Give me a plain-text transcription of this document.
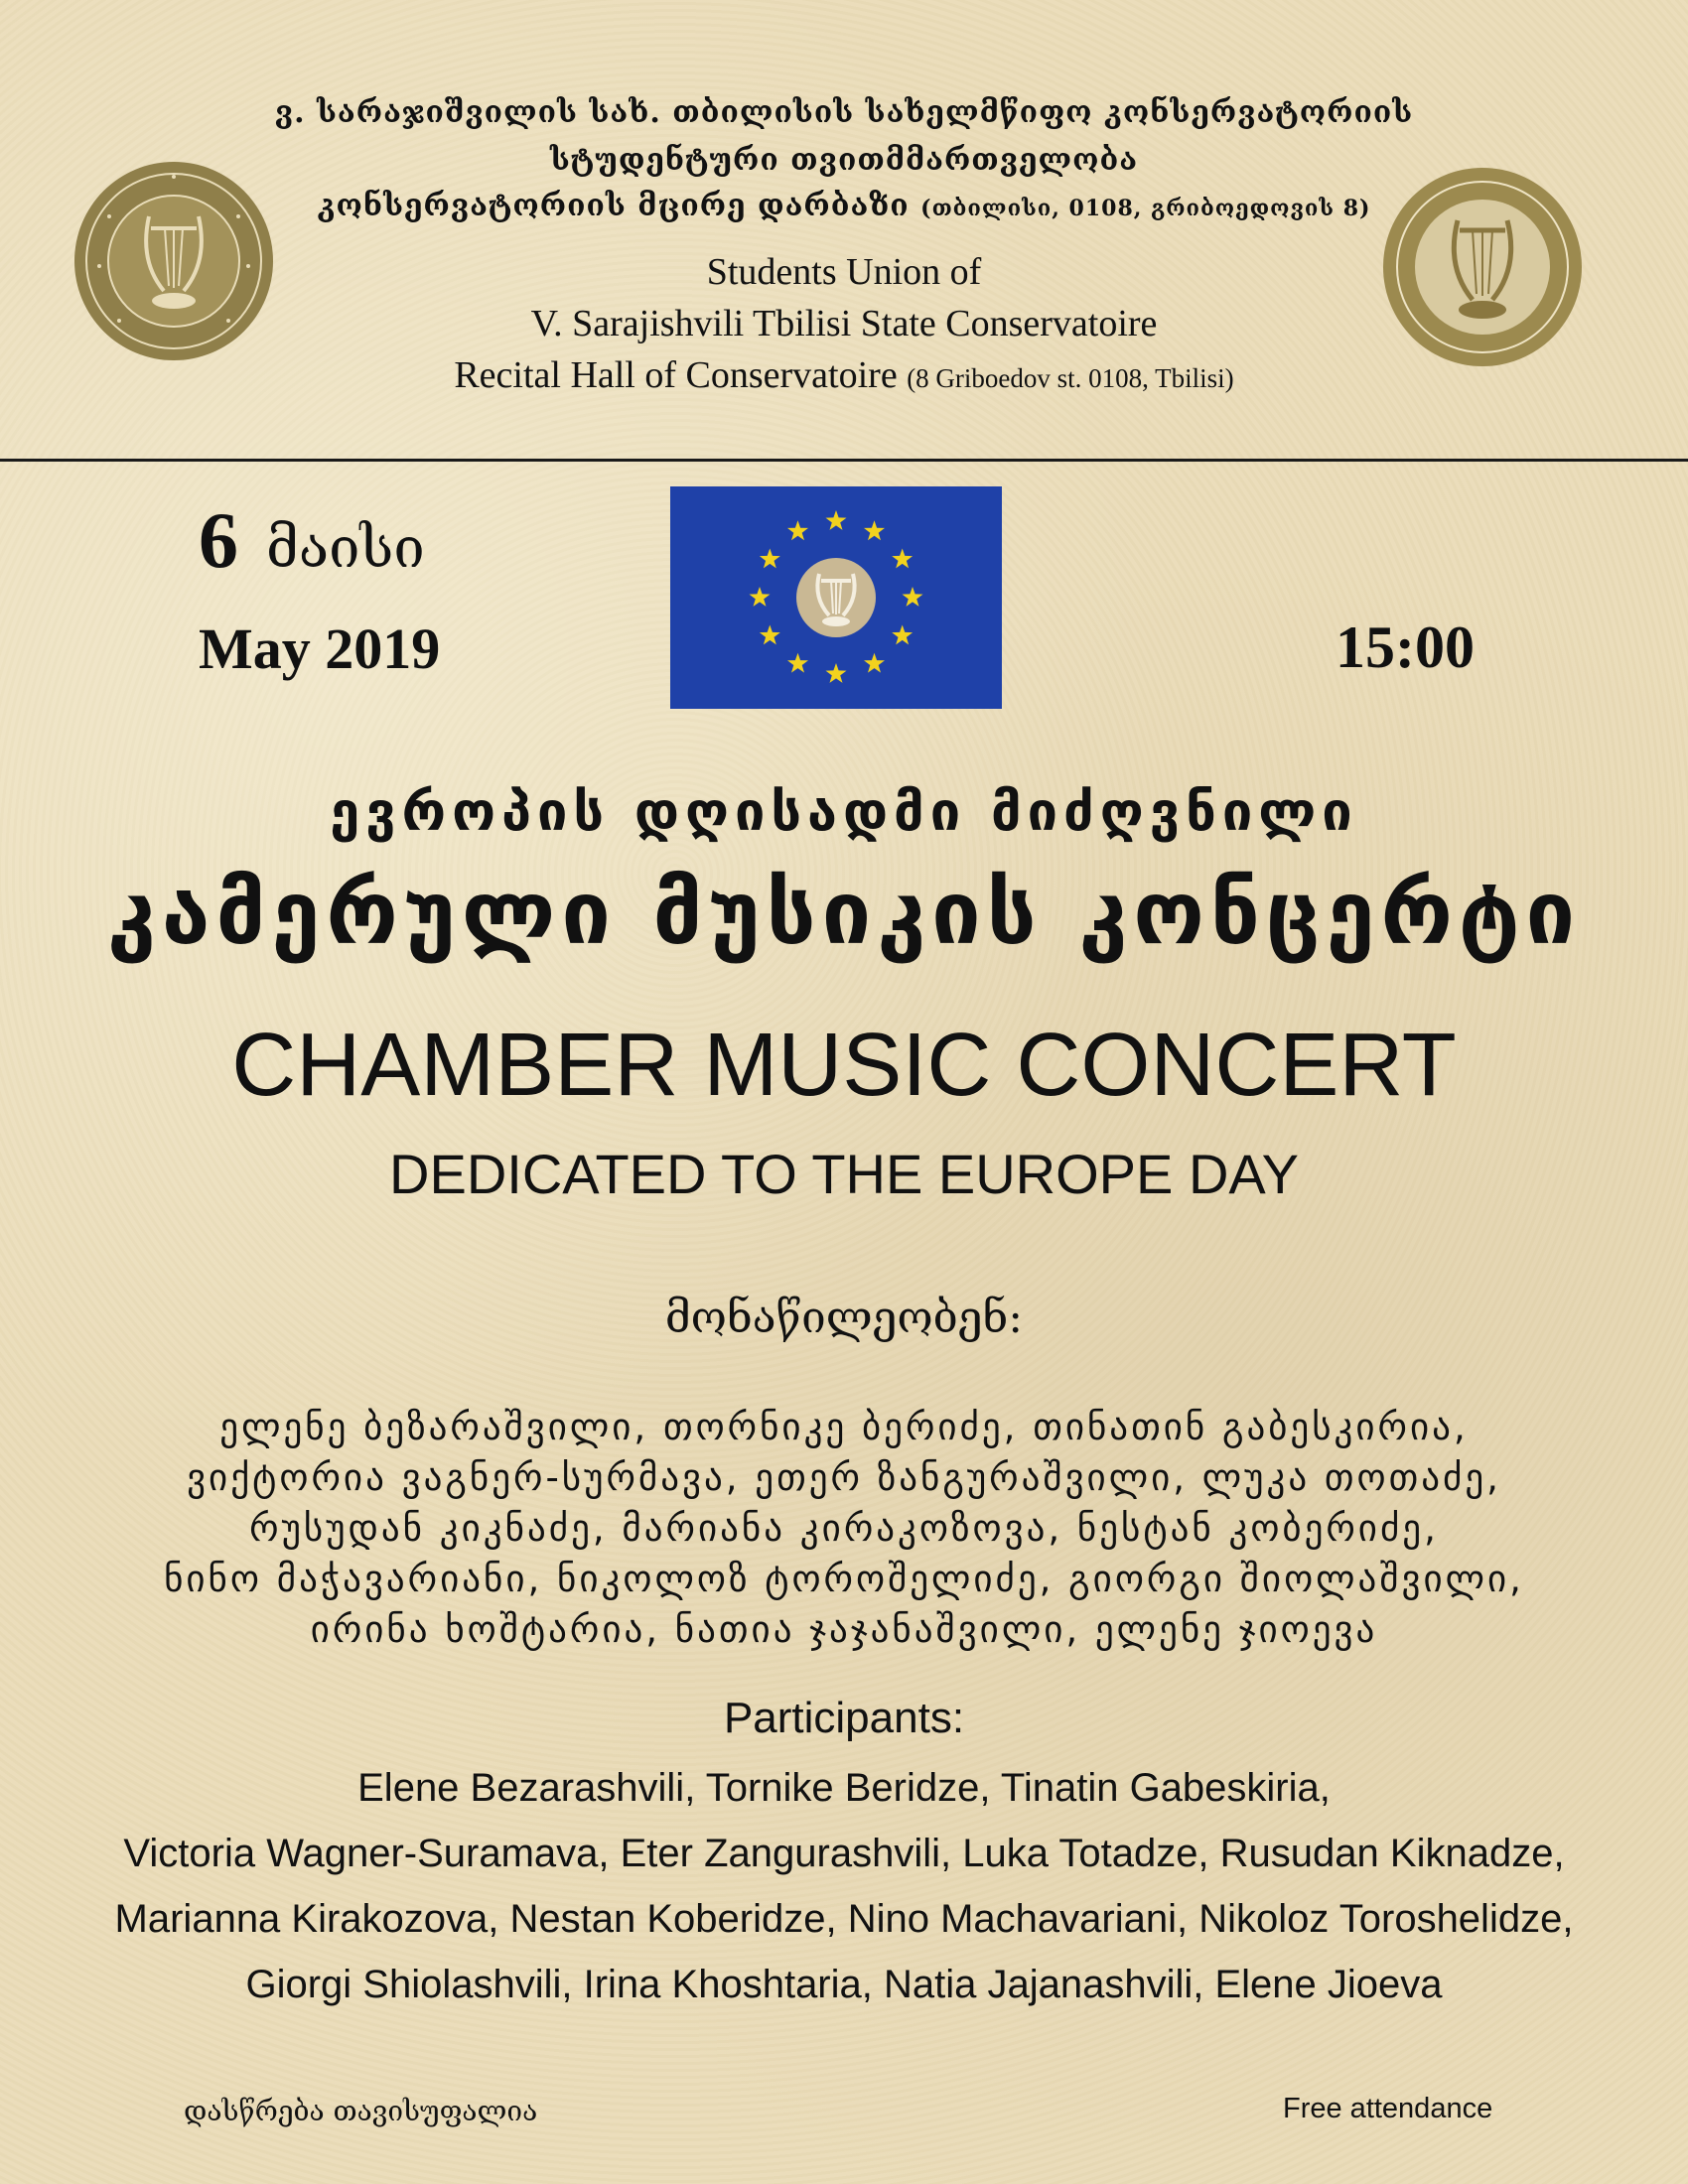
ვ. სარაჯიშვილის სახ. თბილისის სახელმწიფო კონსერვატორიის
სტუდენტური თვითმმართველობა
კონსერვატორიის მცირე დარბაზი (თბილისი, 0108, გრიბოედოვის 8)
Students Union of
V. Sarajishvili Tbilisi State Conservatoire
Recital Hall of Conservatoire (8 Griboedov st. 0108, Tbilisi)
6 მაისი
May 2019	15:00
ევროპის დღისადმი მიძღვნილი
კამერული მუსიკის კონცერტი
CHAMBER MUSIC CONCERT
DEDICATED TO THE EUROPE DAY
მონაწილეობენ:
ელენე ბეზარაშვილი, თორნიკე ბერიძე, თინათინ გაბესკირია,
ვიქტორია ვაგნერ-სურმავა, ეთერ ზანგურაშვილი, ლუკა თოთაძე,
რუსუდან კიკნაძე, მარიანა კირაკოზოვა, ნესტან კობერიძე,
ნინო მაჭავარიანი, ნიკოლოზ ტოროშელიძე, გიორგი შიოლაშვილი,
ირინა ხოშტარია, ნათია ჯაჯანაშვილი, ელენე ჯიოევა
Participants:
Elene Bezarashvili, Tornike Beridze, Tinatin Gabeskiria,
Victoria Wagner-Suramava, Eter Zangurashvili, Luka Totadze, Rusudan Kiknadze,
Marianna Kirakozova, Nestan Koberidze, Nino Machavariani, Nikoloz Toroshelidze,
Giorgi Shiolashvili, Irina Khoshtaria, Natia Jajanashvili, Elene Jioeva
დასწრება თავისუფალია	Free attendance
